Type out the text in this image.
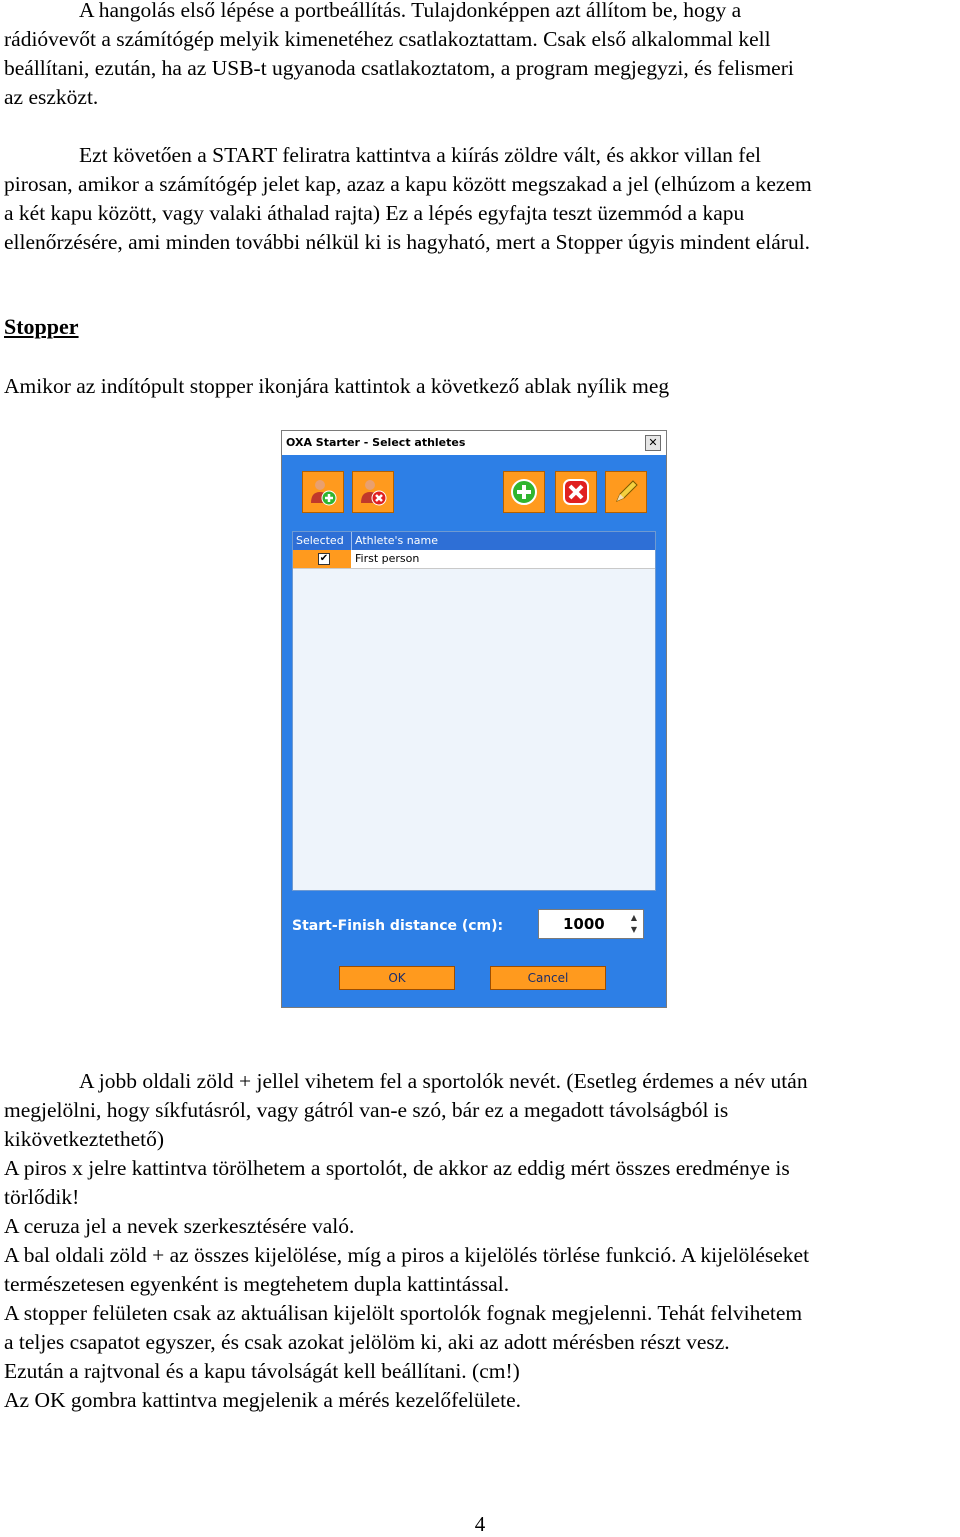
A hangolás első lépése a portbeállítás. Tulajdonképpen azt állítom be, hogy a
rádióvevőt a számítógép melyik kimenetéhez csatlakoztattam. Csak első alkalommal kell
beállítani, ezután, ha az USB-t ugyanoda csatlakoztatom, a program megjegyzi, és felismeri
az eszközt.
Ezt követően a START feliratra kattintva a kiírás zöldre vált, és akkor villan fel
pirosan, amikor a számítógép jelet kap, azaz a kapu között megszakad a jel (elhúzom a kezem
a két kapu között, vagy valaki áthalad rajta) Ez a lépés egyfajta teszt üzemmód a kapu
ellenőrzésére, ami minden további nélkül ki is hagyható, mert a Stopper úgyis mindent elárul.
Stopper

Amikor az indítópult stopper ikonjára kattintok a következő ablak nyílik meg

OXA Starter - Select athletes	✕
Selected Athlete's name
✔ First person
Start-Finish distance (cm):	1000	▲
▼
OK	Cancel
A jobb oldali zöld + jellel vihetem fel a sportolók nevét. (Esetleg érdemes a név után
megjelölni, hogy síkfutásról, vagy gátról van-e szó, bár ez a megadott távolságból is
kikövetkeztethető)
A piros x jelre kattintva törölhetem a sportolót, de akkor az eddig mért összes eredménye is
törlődik!

A ceruza jel a nevek szerkesztésére való.

A bal oldali zöld + az összes kijelölése, míg a piros a kijelölés törlése funkció. A kijelöléseket
természetesen egyenként is megtehetem dupla kattintással.
A stopper felületen csak az aktuálisan kijelölt sportolók fognak megjelenni. Tehát felvihetem
a teljes csapatot egyszer, és csak azokat jelölöm ki, aki az adott mérésben részt vesz.

Ezután a rajtvonal és a kapu távolságát kell beállítani. (cm!)

Az OK gombra kattintva megjelenik a mérés kezelőfelülete.

4
